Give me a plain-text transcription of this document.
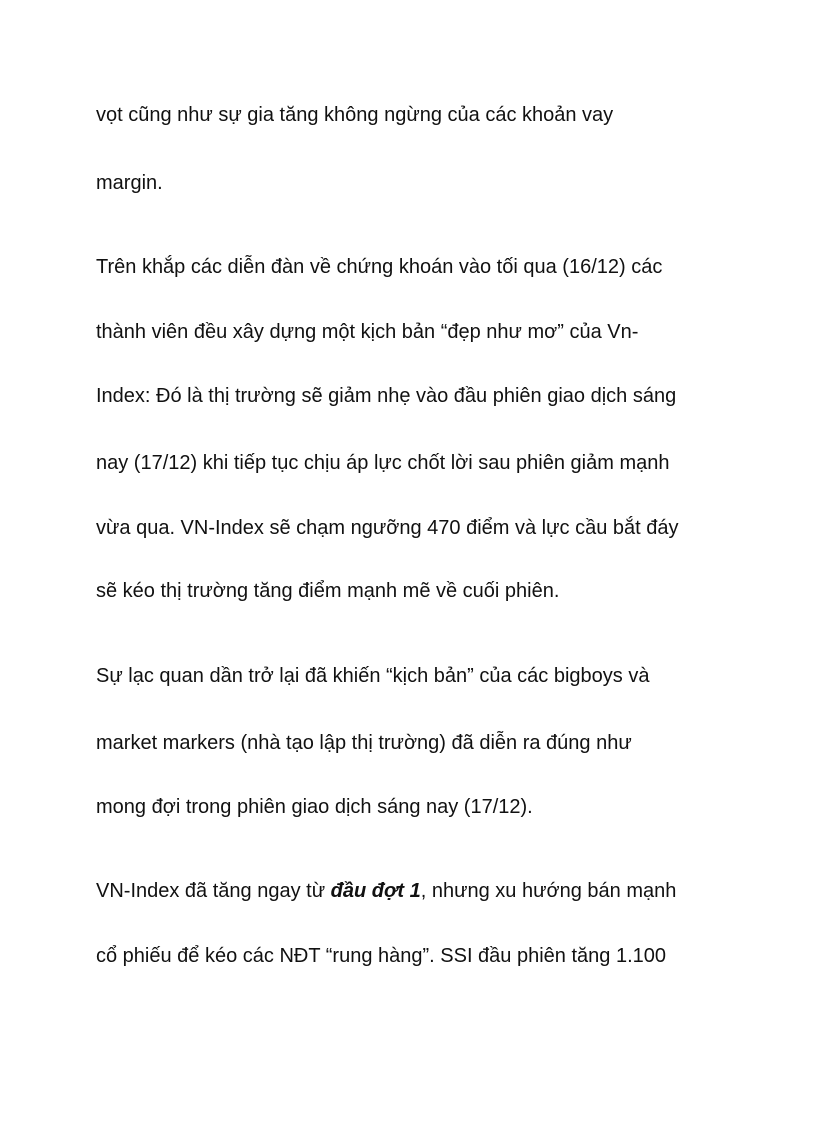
vọt cũng như sự gia tăng không ngừng của các khoản vay

margin.

Trên khắp các diễn đàn về chứng khoán vào tối qua (16/12) các

thành viên đều xây dựng một kịch bản “đẹp như mơ” của Vn-

Index: Đó là thị trường sẽ giảm nhẹ vào đầu phiên giao dịch sáng

nay (17/12) khi tiếp tục chịu áp lực chốt lời sau phiên giảm mạnh

vừa qua. VN-Index sẽ chạm ngưỡng 470 điểm và lực cầu bắt đáy

sẽ kéo thị trường tăng điểm mạnh mẽ về cuối phiên.

Sự lạc quan dần trở lại đã khiến “kịch bản” của các bigboys và

market markers (nhà tạo lập thị trường) đã diễn ra đúng như

mong đợi trong phiên giao dịch sáng nay (17/12).

VN-Index đã tăng ngay từ đầu đợt 1, nhưng xu hướng bán mạnh

cổ phiếu để kéo các NĐT “rung hàng”. SSI đầu phiên tăng 1.100
